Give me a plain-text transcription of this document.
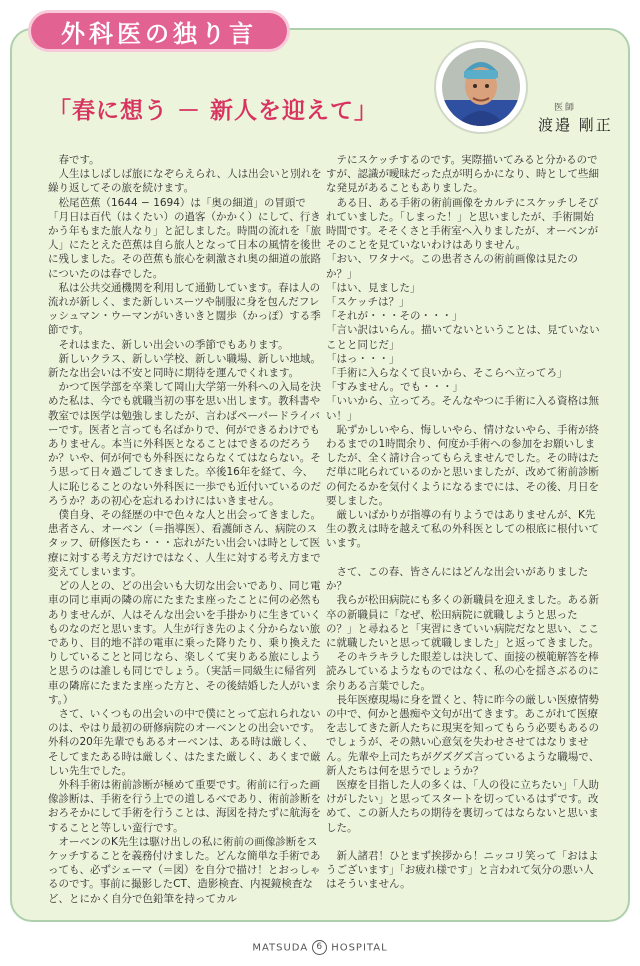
外科医の独り言
「春に想う － 新人を迎えて」	医師
渡邉 剛正

春です。

人生はしばしば旅になぞらえられ、人は出会いと別れを繰り返してその旅を続けます。

松尾芭蕉（1644 − 1694）は「奥の細道」の冒頭で「月日は百代（はくたい）の過客（かかく）にして、行きかう年もまた旅人なり」と記しました。時間の流れを「旅人」にたとえた芭蕉は自ら旅人となって日本の風情を後世に残しました。その芭蕉も旅心を刺激され奥の細道の旅路についたのは春でした。

私は公共交通機関を利用して通勤しています。春は人の流れが新しく、また新しいスーツや制服に身を包んだフレッシュマン・ウーマンがいきいきと闊歩（かっぽ）する季節です。

それはまた、新しい出会いの季節でもあります。

新しいクラス、新しい学校、新しい職場、新しい地域。新たな出会いは不安と同時に期待を運んでくれます。

かつて医学部を卒業して岡山大学第一外科への入局を決めた私は、今でも就職当初の事を思い出します。教科書や教室では医学は勉強しましたが、言わばペーパードライバーです。医者と言っても名ばかりで、何ができるわけでもありません。本当に外科医となることはできるのだろうか？いや、何が何でも外科医にならなくてはならない。そう思って日々過ごしてきました。卒後16年を経て、今、人に恥じることのない外科医に一歩でも近付いているのだろうか？あの初心を忘れるわけにはいきません。

僕自身、その経歴の中で色々な人と出会ってきました。患者さん、オーベン（＝指導医）、看護師さん、病院のスタッフ、研修医たち・・・忘れがたい出会いは時として医療に対する考え方だけではなく、人生に対する考え方まで変えてしまいます。

どの人との、どの出会いも大切な出会いであり、同じ電車の同じ車両の隣の席にたまたま座ったことに何の必然もありませんが、人はそんな出会いを手掛かりに生きていくものなのだと思います。人生が行き先のよく分からない旅であり、目的地不詳の電車に乗った降りたり、乗り換えたりしていることと同じなら、楽しくて実りある旅にしようと思うのは誰しも同じでしょう。（実話＝同級生に帰省列車の隣席にたまたま座った方と、その後結婚した人がいます。）

さて、いくつもの出会いの中で僕にとって忘れられないのは、やはり最初の研修病院のオーベンとの出会いです。外科の20年先輩でもあるオーベンは、ある時は厳しく、そしてまたある時は厳しく、はたまた厳しく、あくまで厳しい先生でした。

外科手術は術前診断が極めて重要です。術前に行った画像診断は、手術を行う上での道しるべであり、術前診断をおろそかにして手術を行うことは、海図を持たずに航海をすることと等しい蛮行です。

オーベンのK先生は駆け出しの私に術前の画像診断をスケッチすることを義務付けました。どんな簡単な手術であっても、必ずシェーマ（＝図）を自分で描け！とおっしゃるのです。事前に撮影したCT、造影検査、内視鏡検査など、とにかく自分で色鉛筆を持ってカル

テにスケッチするのです。実際描いてみると分かるのですが、認識が曖昧だった点が明らかになり、時として些細な発見があることもありました。

ある日、ある手術の術前画像をカルテにスケッチしそびれていました。「しまった！」と思いましたが、手術開始時間です。そそくさと手術室へ入りましたが、オーベンがそのことを見ていないわけはありません。

「おい、ワタナベ。この患者さんの術前画像は見たのか？」

「はい、見ました」

「スケッチは？」

「それが・・・その・・・」

「言い訳はいらん。描いてないということは、見ていないことと同じだ」

「はっ・・・」

「手術に入らなくて良いから、そこらへ立ってろ」

「すみません。でも・・・」

「いいから、立ってろ。そんなやつに手術に入る資格は無い！」

恥ずかしいやら、悔しいやら、情けないやら、手術が終わるまでの1時間余り、何度か手術への参加をお願いしましたが、全く請け合ってもらえませんでした。その時はただ単に叱られているのかと思いましたが、改めて術前診断の何たるかを気付くようになるまでには、その後、月日を要しました。

厳しいばかりが指導の有りようではありませんが、K先生の教えは時を越えて私の外科医としての根底に根付いています。

さて、この春、皆さんにはどんな出会いがありましたか？

我らが松田病院にも多くの新職員を迎えました。ある新卒の新職員に「なぜ、松田病院に就職しようと思ったの？」と尋ねると「実習にきていい病院だなと思い、ここに就職したいと思って就職しました」と返ってきました。

そのキラキラした眼差しは決して、面接の模範解答を棒読みしているようなものではなく、私の心を揺さぶるのに余りある言葉でした。

長年医療現場に身を置くと、特に昨今の厳しい医療情勢の中で、何かと愚痴や文句が出てきます。あこがれて医療を志してきた新人たちに現実を知ってもらう必要もあるのでしょうが、その熱い心意気を失わせさせてはなりません。先輩や上司たちがグズグズ言っているような職場で、新人たちは何を思うでしょうか？

医療を目指した人の多くは、「人の役に立ちたい」「人助けがしたい」と思ってスタートを切っているはずです。改めて、この新人たちの期待を裏切ってはならないと思いました。

新人諸君！ひとまず挨拶から！ニッコリ笑って「おはようございます」「お疲れ様です」と言われて気分の悪い人はそういません。

MATSUDA 6 HOSPITAL
